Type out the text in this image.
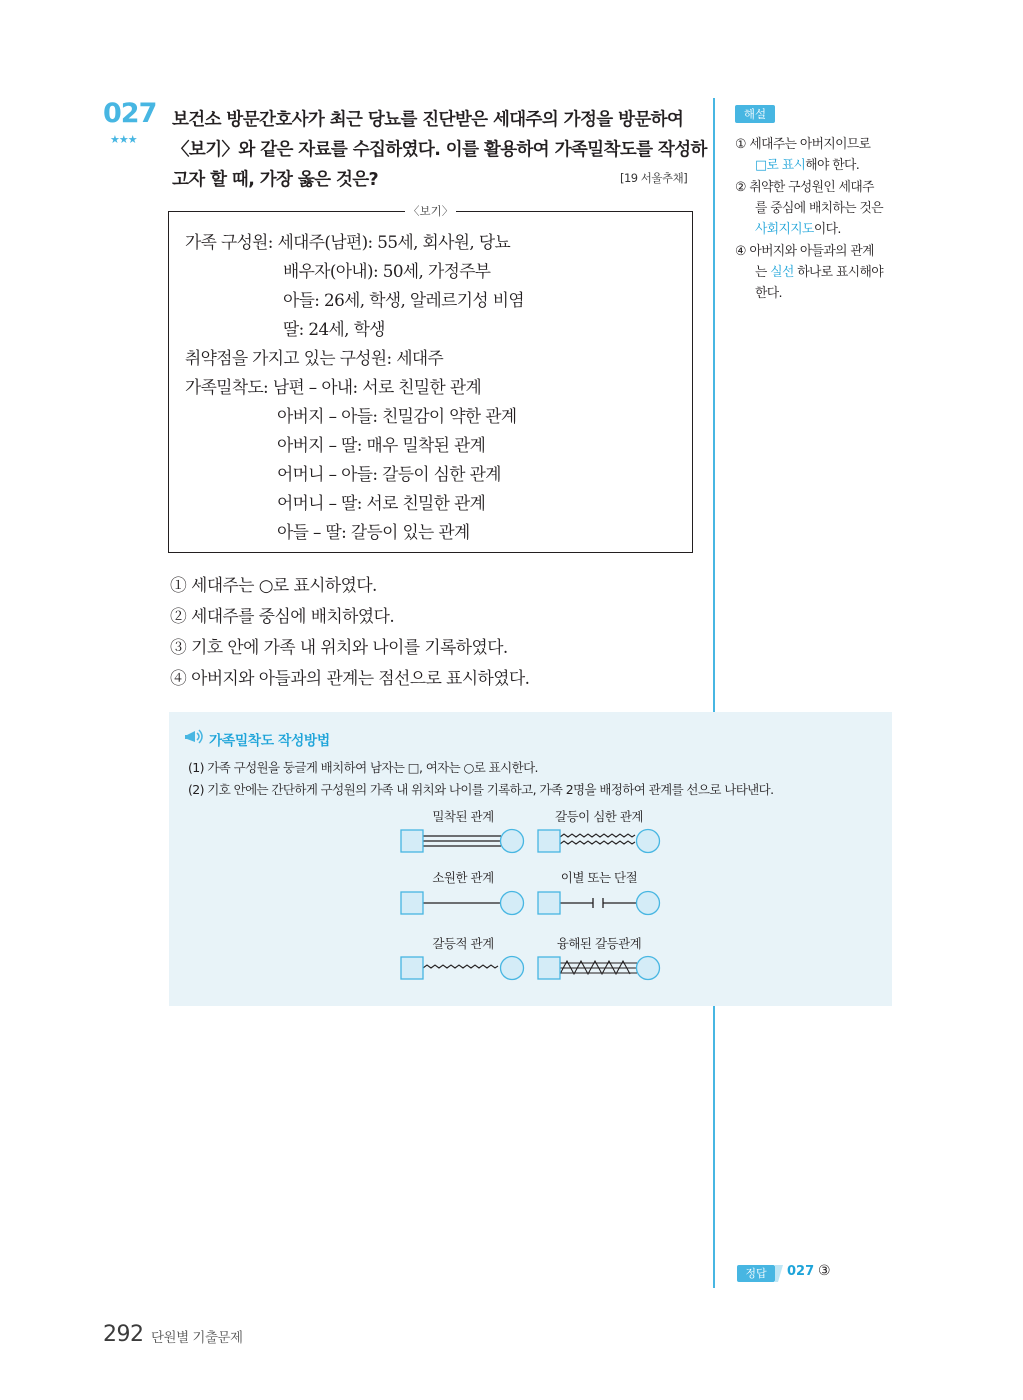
027
★★★
보건소 방문간호사가 최근 당뇨를 진단받은 세대주의 가정을 방문하여
〈보기〉와 같은 자료를 수집하였다. 이를 활용하여 가족밀착도를 작성하
고자 할 때, 가장 옳은 것은?	[19 서울추채]
〈보기〉
가족 구성원: 세대주(남편): 55세, 회사원, 당뇨
배우자(아내): 50세, 가정주부
아들: 26세, 학생, 알레르기성 비염
딸: 24세, 학생
취약점을 가지고 있는 구성원: 세대주
가족밀착도: 남편 – 아내: 서로 친밀한 관계
아버지 – 아들: 친밀감이 약한 관계
아버지 – 딸: 매우 밀착된 관계
어머니 – 아들: 갈등이 심한 관계
어머니 – 딸: 서로 친밀한 관계
아들 – 딸: 갈등이 있는 관계
① 세대주는 ○로 표시하였다.
② 세대주를 중심에 배치하였다.
③ 기호 안에 가족 내 위치와 나이를 기록하였다.
④ 아버지와 아들과의 관계는 점선으로 표시하였다.
해설
① 세대주는 아버지이므로
□로 표시해야 한다.
② 취약한 구성원인 세대주
를 중심에 배치하는 것은
사회지지도이다.
④ 아버지와 아들과의 관계
는 실선 하나로 표시해야
한다.
가족밀착도 작성방법
(1) 가족 구성원을 둥글게 배치하여 남자는 □, 여자는 ○로 표시한다.
(2) 기호 안에는 간단하게 구성원의 가족 내 위치와 나이를 기록하고, 가족 2명을 배정하여 관계를 선으로 나타낸다.
밀착된 관계	갈등이 심한 관계
소원한 관계	이별 또는 단절
갈등적 관계	융해된 갈등관계
정답	027 ③
292 단원별 기출문제
